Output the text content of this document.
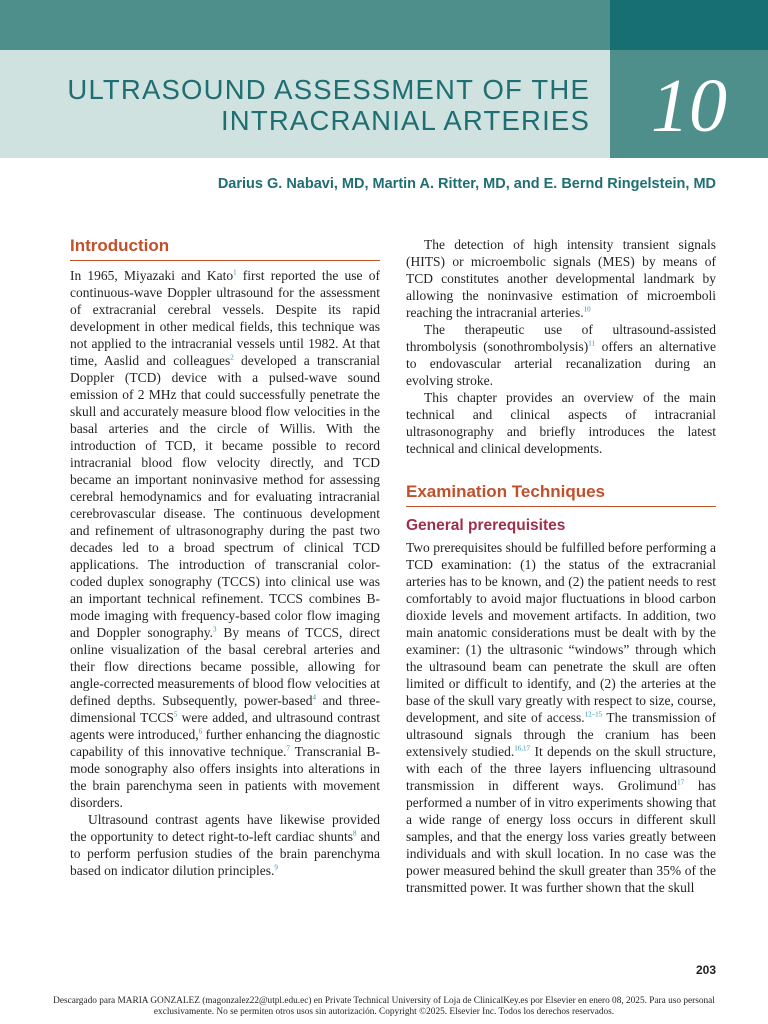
10
ULTRASOUND ASSESSMENT OF THE
INTRACRANIAL ARTERIES
Darius G. Nabavi, MD, Martin A. Ritter, MD, and E. Bernd Ringelstein, MD
Introduction

In 1965, Miyazaki and Kato$^1$ first reported the use of continuous-wave Doppler ultrasound for the assessment of extracranial cerebral vessels. Despite its rapid development in other medical fields, this technique was not applied to the intracranial vessels until 1982. At that time, Aaslid and colleagues$^2$ developed a transcranial Doppler (TCD) device with a pulsed-wave sound emission of 2 MHz that could successfully penetrate the skull and accurately measure blood flow velocities in the basal arteries and the circle of Willis. With the introduction of TCD, it became possible to record intracranial blood flow velocity directly, and TCD became an important noninvasive method for assessing cerebral hemodynamics and for evaluating intracranial cerebrovascular disease. The continuous development and refinement of ultrasonography during the past two decades led to a broad spectrum of clinical TCD applications. The introduction of transcranial color-coded duplex sonography (TCCS) into clinical use was an important technical refinement. TCCS combines B-mode imaging with frequency-based color flow imaging and Doppler sonography.$^3$ By means of TCCS, direct online visualization of the basal cerebral arteries and their flow directions became possible, allowing for angle-corrected measurements of blood flow velocities at defined depths. Subsequently, power-based$^4$ and three-dimensional TCCS$^5$ were added, and ultrasound contrast agents were introduced,$^6$ further enhancing the diagnostic capability of this innovative technique.$^7$ Transcranial B-mode sonography also offers insights into alterations in the brain parenchyma seen in patients with movement disorders.

Ultrasound contrast agents have likewise provided the opportunity to detect right-to-left cardiac shunts$^8$ and to perform perfusion studies of the brain parenchyma based on indicator dilution principles.$^9$

The detection of high intensity transient signals (HITS) or microembolic signals (MES) by means of TCD constitutes another developmental landmark by allowing the noninvasive estimation of microemboli reaching the intracranial arteries.$^{10}$

The therapeutic use of ultrasound-assisted thrombolysis (sonothrombolysis)$^{11}$ offers an alternative to endovascular arterial recanalization during an evolving stroke.

This chapter provides an overview of the main technical and clinical aspects of intracranial ultrasonography and briefly introduces the latest technical and clinical developments.

Examination Techniques
General prerequisites

Two prerequisites should be fulfilled before performing a TCD examination: (1) the status of the extracranial arteries has to be known, and (2) the patient needs to rest comfortably to avoid major fluctuations in blood carbon dioxide levels and movement artifacts. In addition, two main anatomic considerations must be dealt with by the examiner: (1) the ultrasonic “windows” through which the ultrasound beam can penetrate the skull are often limited or difficult to identify, and (2) the arteries at the base of the skull vary greatly with respect to size, course, development, and site of access.$^{12-15}$ The transmission of ultrasound signals through the cranium has been extensively studied.$^{16,17}$ It depends on the skull structure, with each of the three layers influencing ultrasound transmission in different ways. Grolimund$^{17}$ has performed a number of in vitro experiments showing that a wide range of energy loss occurs in different skull samples, and that the energy loss varies greatly between individuals and with skull location. In no case was the power measured behind the skull greater than 35% of the transmitted power. It was further shown that the skull

203
Descargado para MARIA GONZALEZ (magonzalez22@utpl.edu.ec) en Private Technical University of Loja de ClinicalKey.es por Elsevier en enero 08, 2025. Para uso personal exclusivamente. No se permiten otros usos sin autorización. Copyright ©2025. Elsevier Inc. Todos los derechos reservados.
